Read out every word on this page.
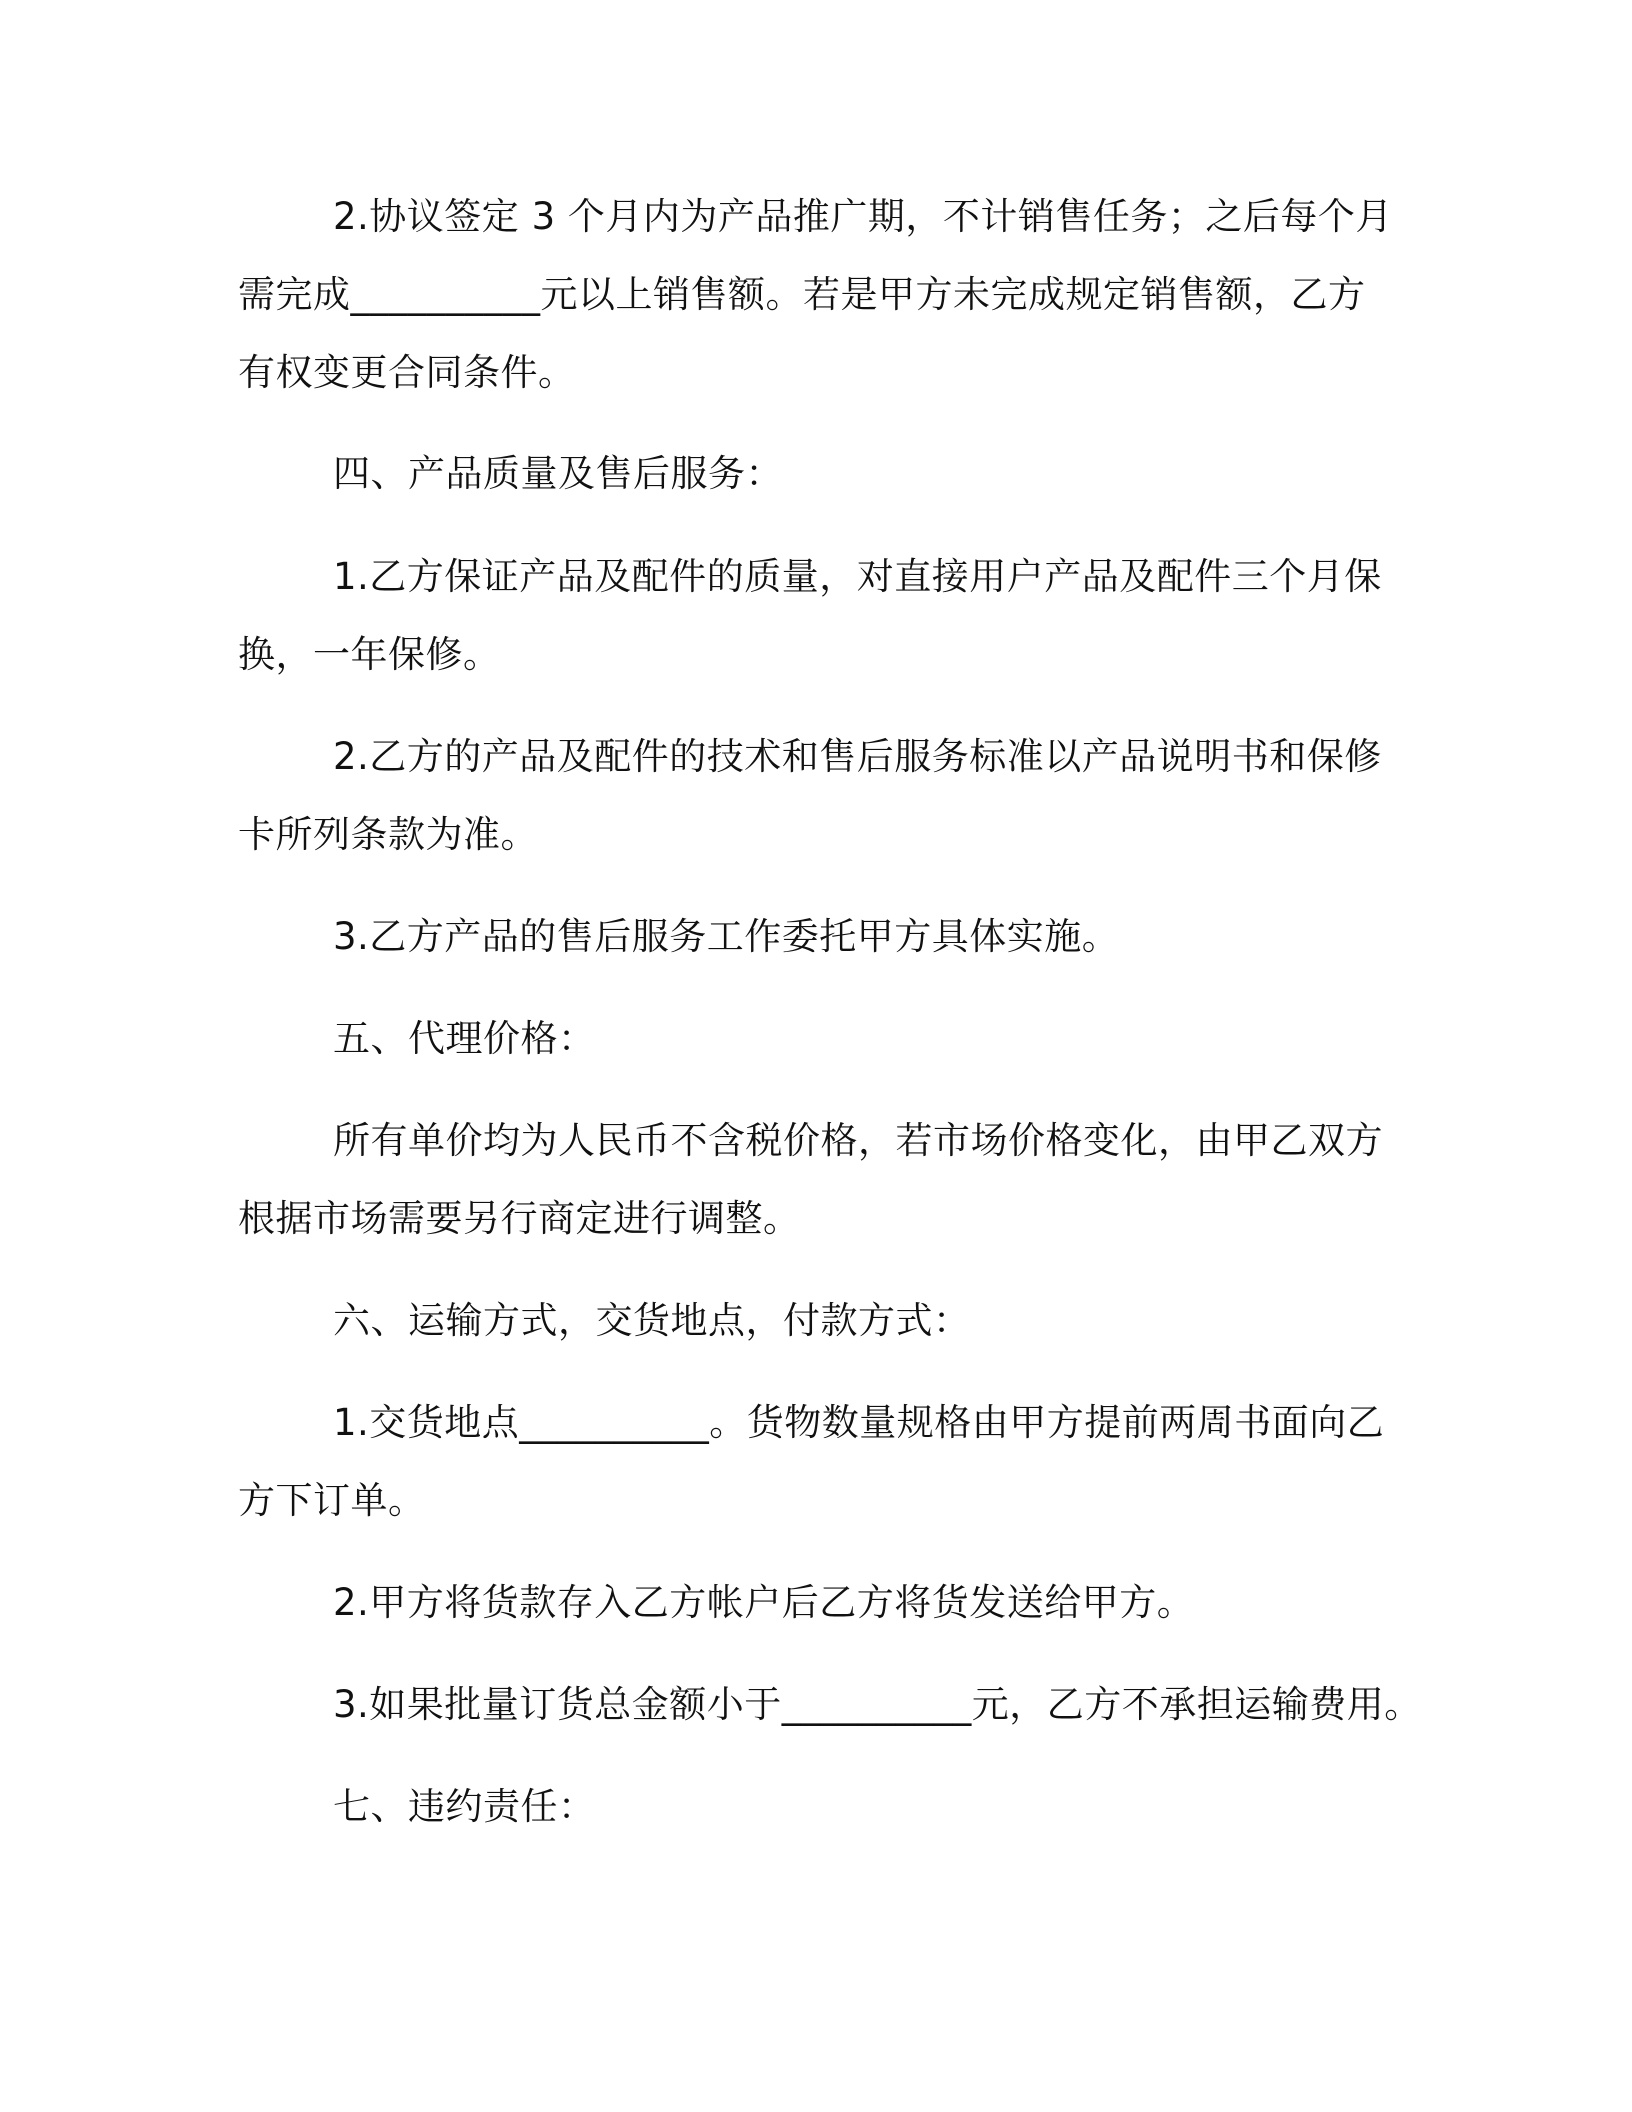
2.协议签定 3 个月内为产品推广期，不计销售任务；之后每个月
需完成__________元以上销售额。若是甲方未完成规定销售额，乙方
有权变更合同条件。
四、产品质量及售后服务：
1.乙方保证产品及配件的质量，对直接用户产品及配件三个月保
换，一年保修。
2.乙方的产品及配件的技术和售后服务标准以产品说明书和保修
卡所列条款为准。
3.乙方产品的售后服务工作委托甲方具体实施。
五、代理价格：
所有单价均为人民币不含税价格，若市场价格变化，由甲乙双方
根据市场需要另行商定进行调整。
六、运输方式，交货地点，付款方式：
1.交货地点__________。货物数量规格由甲方提前两周书面向乙
方下订单。
2.甲方将货款存入乙方帐户后乙方将货发送给甲方。
3.如果批量订货总金额小于__________元，乙方不承担运输费用。
七、违约责任：
